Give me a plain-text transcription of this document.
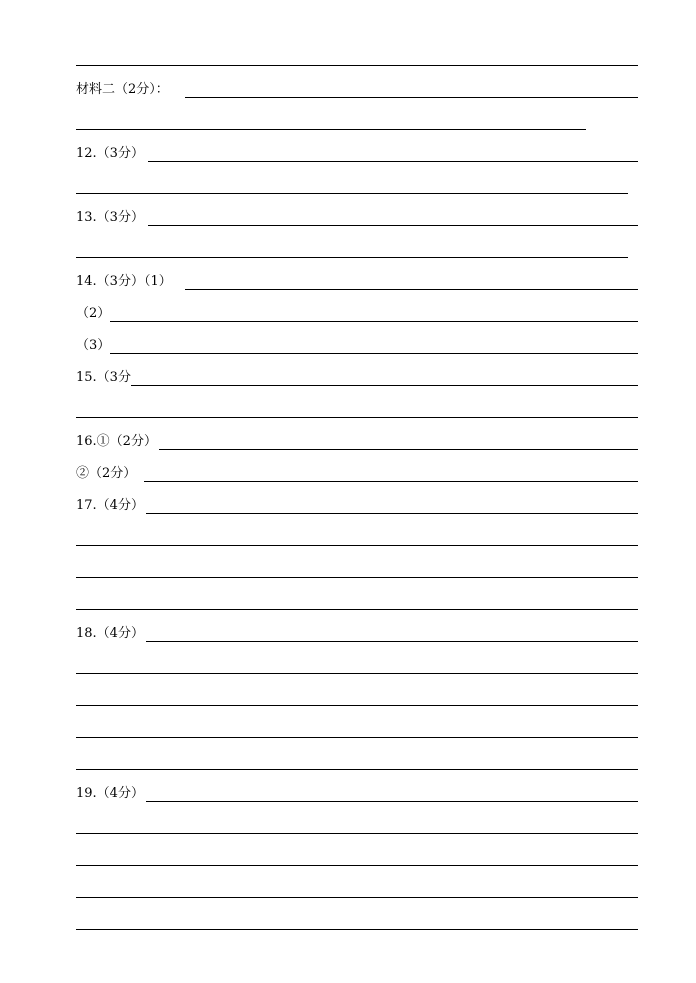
材料二（2分）：
12.（3分）
13.（3分）
14.（3分）（1）
（2）
（3）
15.（3分
16.①（2分）
②（2分）
17.（4分）
18.（4分）
19.（4分）
